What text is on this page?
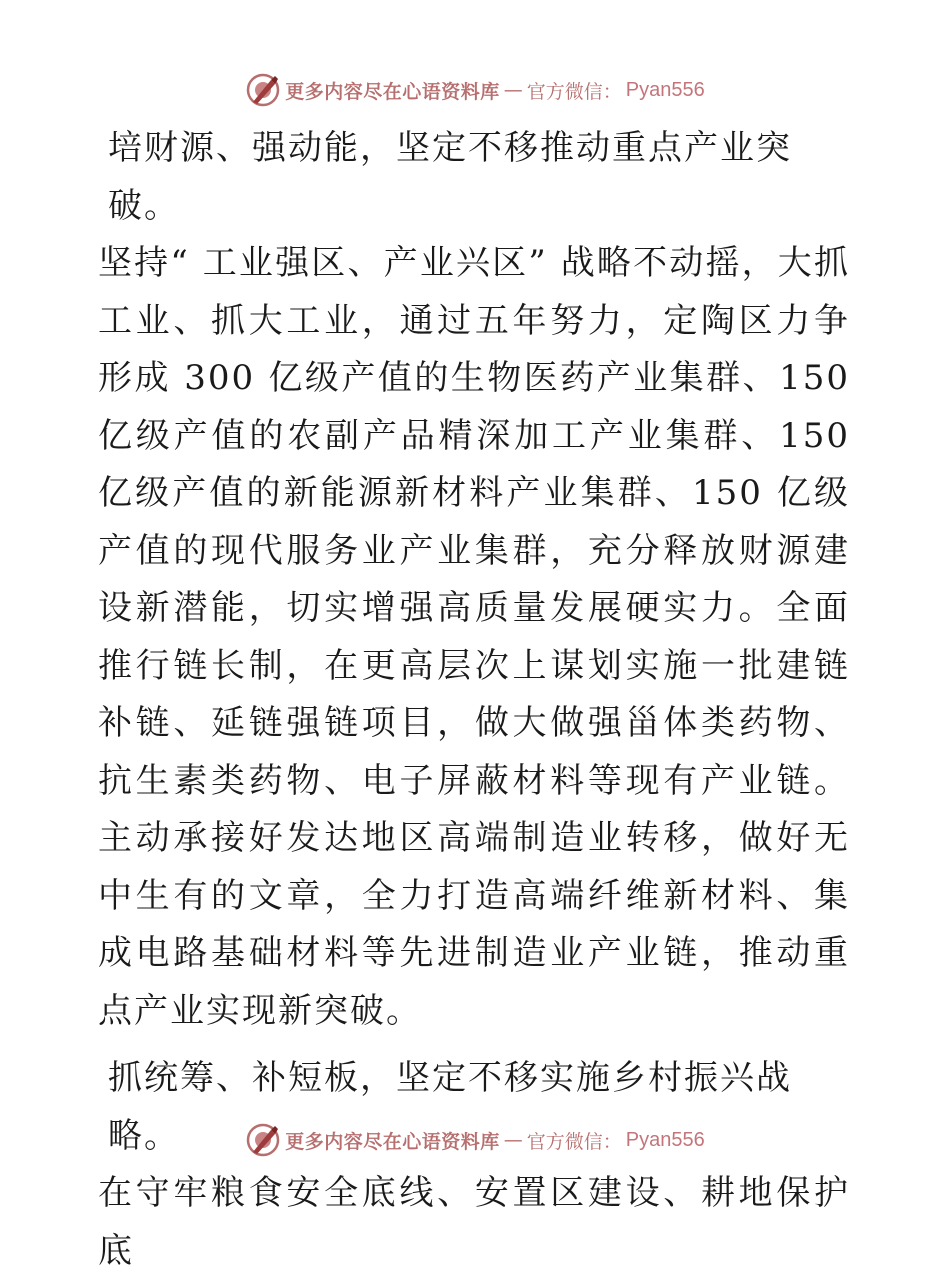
更多内容尽在心语资料库 — 官方微信： Pyan556

培财源、强动能，坚定不移推动重点产业突破。
坚持“ 工业强区、产业兴区” 战略不动摇，大抓工业、抓大工业，通过五年努力，定陶区力争形成 300 亿级产值的生物医药产业集群、150 亿级产值的农副产品精深加工产业集群、150 亿级产值的新能源新材料产业集群、150 亿级产值的现代服务业产业集群，充分释放财源建设新潜能，切实增强高质量发展硬实力。全面推行链长制，在更高层次上谋划实施一批建链补链、延链强链项目，做大做强甾体类药物、抗生素类药物、电子屏蔽材料等现有产业链。主动承接好发达地区高端制造业转移，做好无中生有的文章，全力打造高端纤维新材料、集成电路基础材料等先进制造业产业链，推动重点产业实现新突破。

抓统筹、补短板，坚定不移实施乡村振兴战略。
在守牢粮食安全底线、安置区建设、耕地保护底

更多内容尽在心语资料库 — 官方微信： Pyan556
